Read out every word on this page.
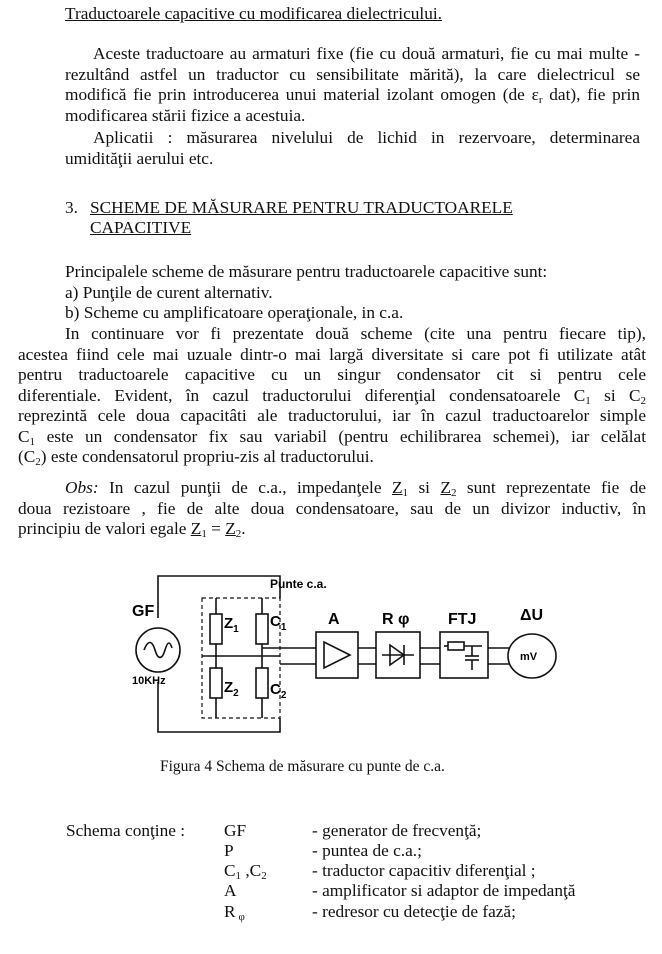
Traductoarele capacitive cu modificarea dielectricului.
Aceste traductoare au armaturi fixe (fie cu două armaturi, fie cu mai multe -
rezultând astfel un traductor cu sensibilitate mărită), la care dielectricul se
modifică fie prin introducerea unui material izolant omogen (de $\varepsilon_r$ dat), fie prin
modificarea stării fizice a acestuia.
Aplicatii : măsurarea nivelului de lichid in rezervoare, determinarea
umidităţii aerului etc.
3. SCHEME DE MĂSURARE PENTRU TRADUCTOARELE
CAPACITIVE
Principalele scheme de măsurare pentru traductoarele capacitive sunt:
a) Punţile de curent alternativ.
b) Scheme cu amplificatoare operaţionale, in c.a.
In continuare vor fi prezentate două scheme (cite una pentru fiecare tip),
acestea fiind cele mai uzuale dintr-o mai largă diversitate si care pot fi utilizate atât
pentru traductoarele capacitive cu un singur condensator cit si pentru cele
diferentiale. Evident, în cazul traductorului diferenţial condensatoarele $C_1$ si $C_2$
reprezintă cele doua capacitâti ale traductorului, iar în cazul traductoarelor simple
$C_1$ este un condensator fix sau variabil (pentru echilibrarea schemei), iar celălat
$(C_2)$ este condensatorul propriu-zis al traductorului.
Obs: In cazul punţii de c.a., impedanţele $Z_1$ si $Z_2$ sunt reprezentate fie de
doua rezistoare , fie de alte doua condensatoare, sau de un divizor inductiv, în
principiu de valori egale $Z_1 = Z_2$.
Punte c.a.
GF
10KHz
$Z_1$ $C_1$
$Z_2$ $C_2$
A	R φ FTJ	ΔU
mV
Figura 4 Schema de măsurare cu punte de c.a.
Schema conţine : GF	- generator de frecvenţă;
P	- puntea de c.a.;
$C_1$ $,C_2$	- traductor capacitiv diferenţial ;
A	- amplificator si adaptor de impedanţă
R $_\varphi$	- redresor cu detecţie de fază;
